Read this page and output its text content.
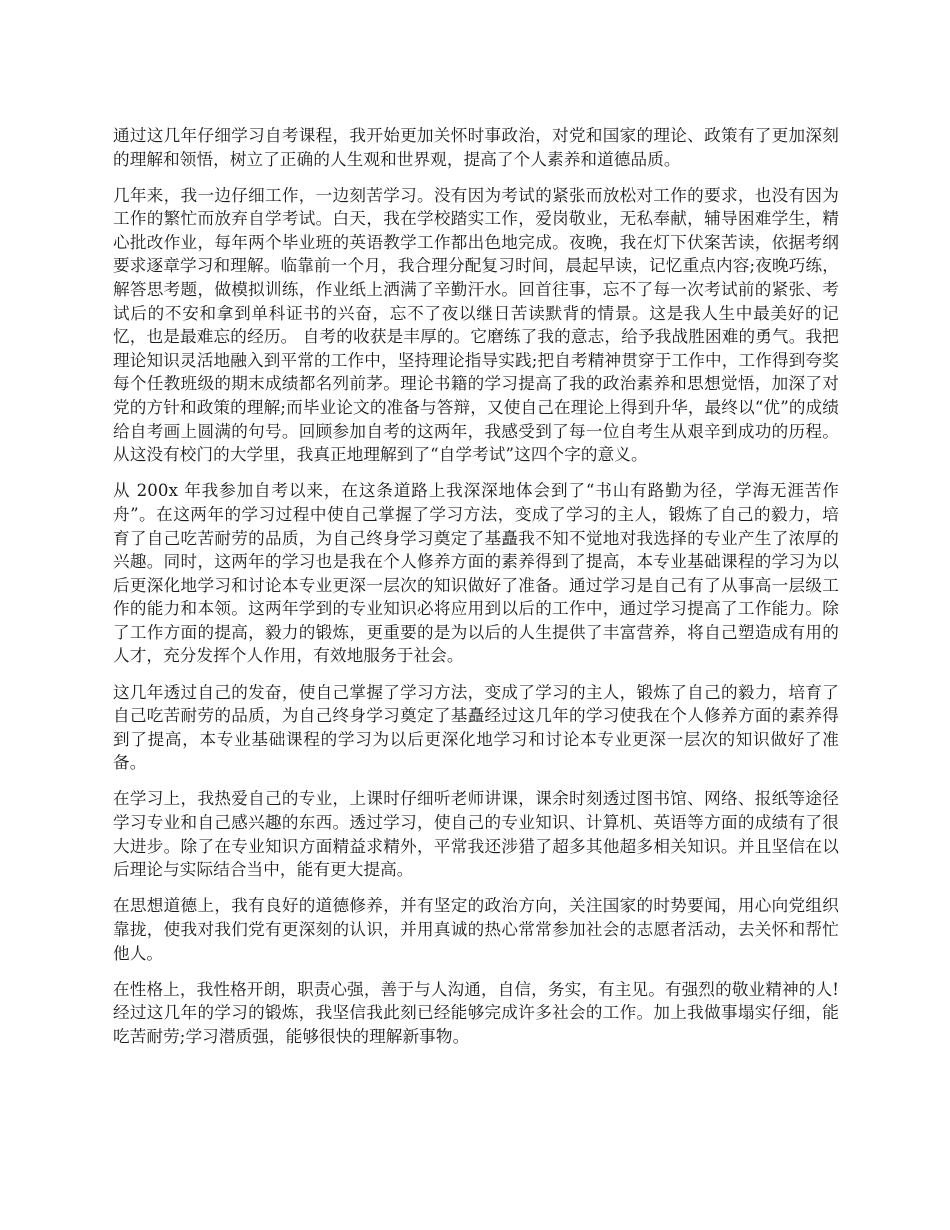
通过这几年仔细学习自考课程，我开始更加关怀时事政治，对党和国家的理论、政策有了更加深刻的理解和领悟，树立了正确的人生观和世界观，提高了个人素养和道德品质。

几年来，我一边仔细工作，一边刻苦学习。没有因为考试的紧张而放松对工作的要求，也没有因为工作的繁忙而放弃自学考试。白天，我在学校踏实工作，爱岗敬业，无私奉献，辅导困难学生，精心批改作业，每年两个毕业班的英语教学工作都出色地完成。夜晚，我在灯下伏案苦读，依据考纲要求逐章学习和理解。临靠前一个月，我合理分配复习时间，晨起早读，记忆重点内容;夜晚巧练，解答思考题，做模拟训练，作业纸上洒满了辛勤汗水。回首往事，忘不了每一次考试前的紧张、考试后的不安和拿到单科证书的兴奋，忘不了夜以继日苦读默背的情景。这是我人生中最美好的记忆，也是最难忘的经历。 自考的收获是丰厚的。它磨练了我的意志，给予我战胜困难的勇气。我把理论知识灵活地融入到平常的工作中，坚持理论指导实践;把自考精神贯穿于工作中，工作得到夸奖 每个任教班级的期末成绩都名列前茅。理论书籍的学习提高了我的政治素养和思想觉悟，加深了对党的方针和政策的理解;而毕业论文的准备与答辩，又使自己在理论上得到升华，最终以“优”的成绩给自考画上圆满的句号。回顾参加自考的这两年，我感受到了每一位自考生从艰辛到成功的历程。从这没有校门的大学里，我真正地理解到了“自学考试”这四个字的意义。

从 200x 年我参加自考以来，在这条道路上我深深地体会到了“书山有路勤为径，学海无涯苦作舟”。在这两年的学习过程中使自己掌握了学习方法，变成了学习的主人，锻炼了自己的毅力，培育了自己吃苦耐劳的品质，为自己终身学习奠定了基矗我不知不觉地对我选择的专业产生了浓厚的兴趣。同时，这两年的学习也是我在个人修养方面的素养得到了提高，本专业基础课程的学习为以后更深化地学习和讨论本专业更深一层次的知识做好了准备。通过学习是自己有了从事高一层级工作的能力和本领。这两年学到的专业知识必将应用到以后的工作中，通过学习提高了工作能力。除了工作方面的提高，毅力的锻炼，更重要的是为以后的人生提供了丰富营养，将自己塑造成有用的人才，充分发挥个人作用，有效地服务于社会。

这几年透过自己的发奋，使自己掌握了学习方法，变成了学习的主人，锻炼了自己的毅力，培育了自己吃苦耐劳的品质，为自己终身学习奠定了基矗经过这几年的学习使我在个人修养方面的素养得到了提高，本专业基础课程的学习为以后更深化地学习和讨论本专业更深一层次的知识做好了准备。

在学习上，我热爱自己的专业，上课时仔细听老师讲课，课余时刻透过图书馆、网络、报纸等途径学习专业和自己感兴趣的东西。透过学习，使自己的专业知识、计算机、英语等方面的成绩有了很大进步。除了在专业知识方面精益求精外，平常我还涉猎了超多其他超多相关知识。并且坚信在以后理论与实际结合当中，能有更大提高。

在思想道德上，我有良好的道德修养，并有坚定的政治方向，关注国家的时势要闻，用心向党组织靠拢，使我对我们党有更深刻的认识，并用真诚的热心常常参加社会的志愿者活动，去关怀和帮忙他人。

在性格上，我性格开朗，职责心强，善于与人沟通，自信，务实，有主见。有强烈的敬业精神的人!经过这几年的学习的锻炼，我坚信我此刻已经能够完成许多社会的工作。加上我做事塌实仔细，能吃苦耐劳;学习潜质强，能够很快的理解新事物。
